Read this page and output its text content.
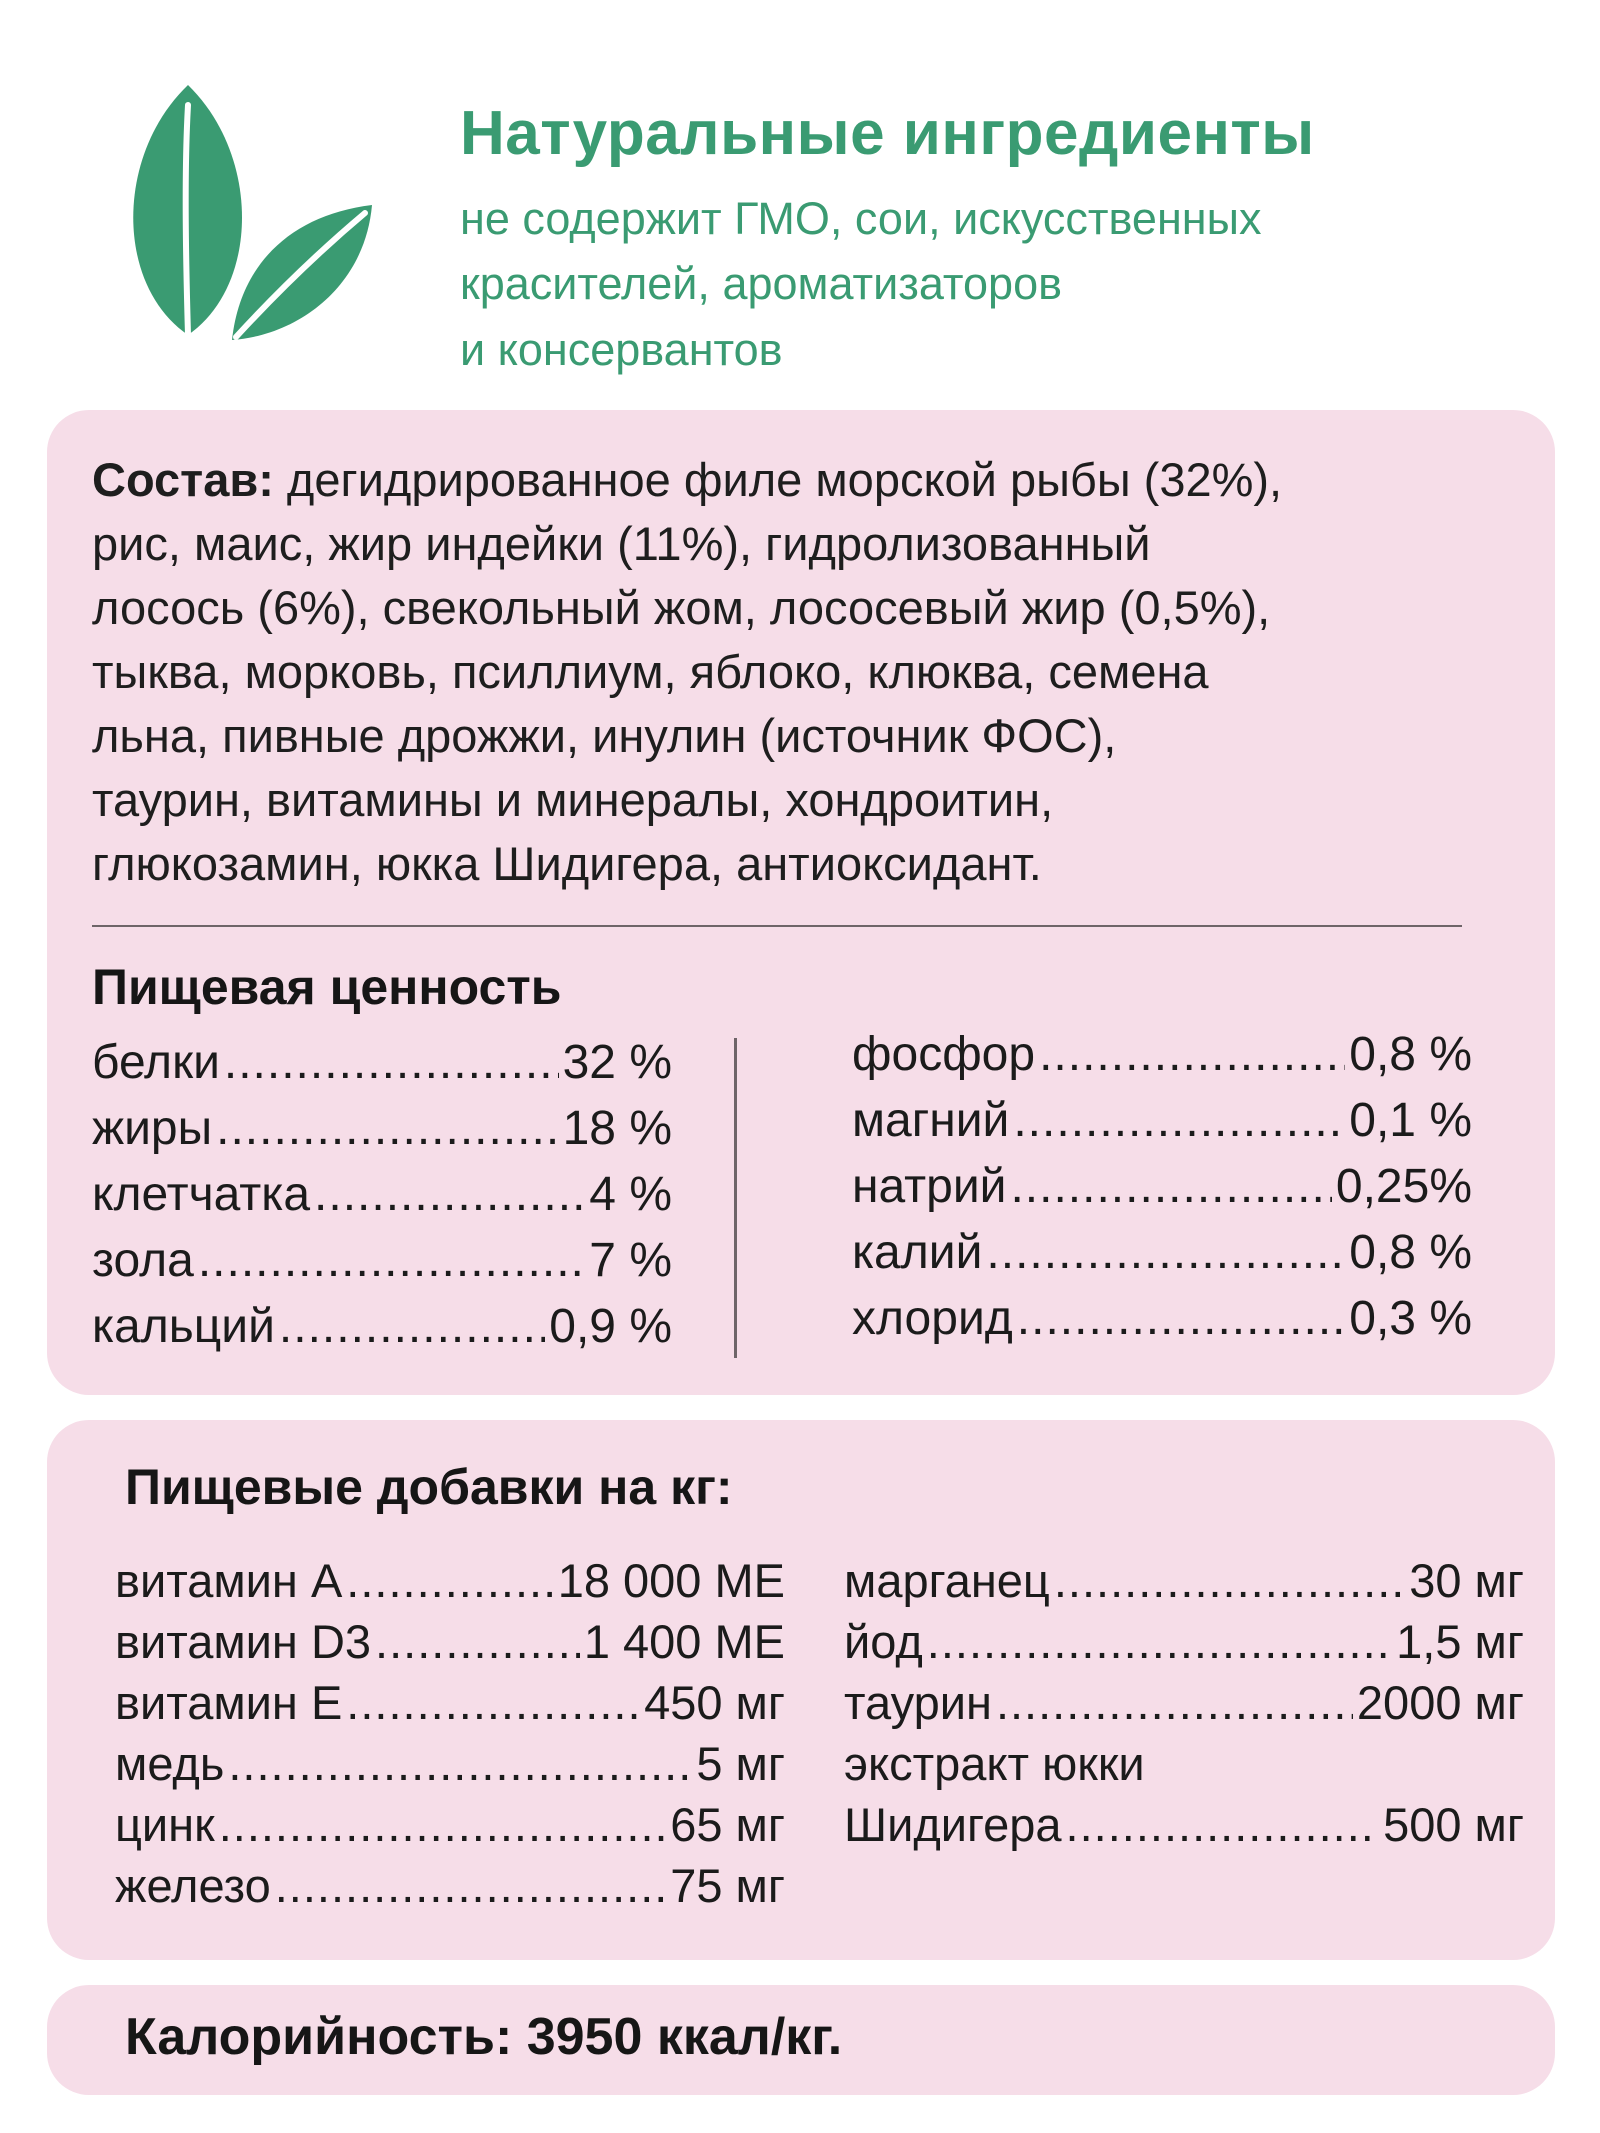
Натуральные ингредиенты

не содержит ГМО, сои, искусственных
красителей, ароматизаторов
и консервантов

Состав: дегидрированное филе морской рыбы (32%),
рис, маис, жир индейки (11%), гидролизованный
лосось (6%), свекольный жом, лососевый жир (0,5%),
тыква, морковь, псиллиум, яблоко, клюква, семена
льна, пивные дрожжи, инулин (источник ФОС),
таурин, витамины и минералы, хондроитин,
глюкозамин, юкка Шидигера, антиоксидант.

Пищевая ценность
белки .....	32 %
жиры .....	18 %
клетчатка .....	4 %
зола .....	7 %
кальций .....	0,9 %
фосфор .....	0,8 %
магний .....	0,1 %
натрий .....	0,25%
калий .....	0,8 %
хлорид .....	0,3 %
Пищевые добавки на кг:
витамин A .....	18 000 МЕ
витамин D3 .....	1 400 МЕ
витамин E .....	450 мг
медь .....	5 мг
цинк .....	65 мг
железо .....	75 мг
марганец .....	30 мг
йод .....	1,5 мг
таурин .....	2000 мг
экстракт юкки
Шидигера .....	500 мг

Калорийность: 3950 ккал/кг.
